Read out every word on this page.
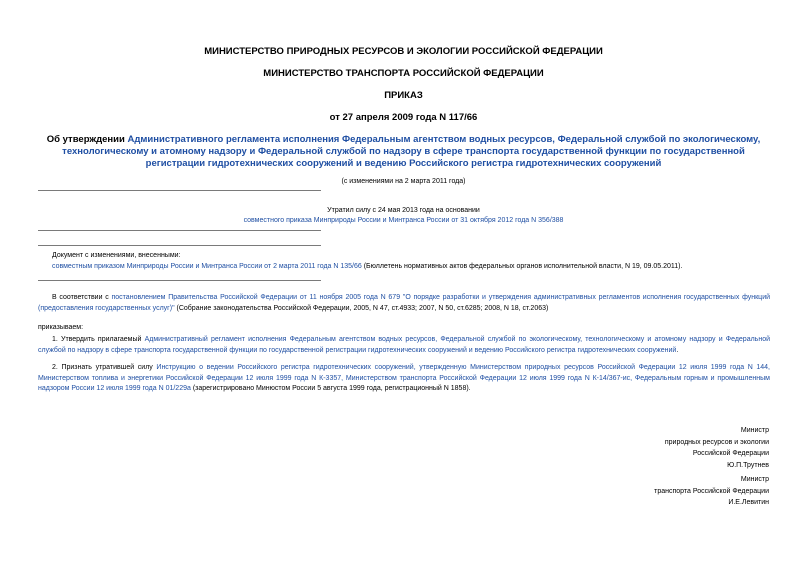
МИНИСТЕРСТВО ПРИРОДНЫХ РЕСУРСОВ И ЭКОЛОГИИ РОССИЙСКОЙ ФЕДЕРАЦИИ
МИНИСТЕРСТВО ТРАНСПОРТА РОССИЙСКОЙ ФЕДЕРАЦИИ
ПРИКАЗ
от 27 апреля 2009 года N 117/66
Об утверждении Административного регламента исполнения Федеральным агентством водных ресурсов, Федеральной службой по экологическому, технологическому и атомному надзору и Федеральной службой по надзору в сфере транспорта государственной функции по государственной регистрации гидротехнических сооружений и ведению Российского регистра гидротехнических сооружений
(с изменениями на 2 марта 2011 года)
Утратил силу с 24 мая 2013 года на основании
совместного приказа Минприроды России и Минтранса России от 31 октября 2012 года N 356/388
Документ с изменениями, внесенными:
совместным приказом Минприроды России и Минтранса России от 2 марта 2011 года N 135/66 (Бюллетень нормативных актов федеральных органов исполнительной власти, N 19, 09.05.2011).
В соответствии с постановлением Правительства Российской Федерации от 11 ноября 2005 года N 679 "О порядке разработки и утверждения административных регламентов исполнения государственных функций (предоставления государственных услуг)" (Собрание законодательства Российской Федерации, 2005, N 47, ст.4933; 2007, N 50, ст.6285; 2008, N 18, ст.2063)
приказываем:
1. Утвердить прилагаемый Административный регламент исполнения Федеральным агентством водных ресурсов, Федеральной службой по экологическому, технологическому и атомному надзору и Федеральной службой по надзору в сфере транспорта государственной функции по государственной регистрации гидротехнических сооружений и ведению Российского регистра гидротехнических сооружений.
2. Признать утратившей силу Инструкцию о ведении Российского регистра гидротехнических сооружений, утвержденную Министерством природных ресурсов Российской Федерации 12 июля 1999 года N 144, Министерством топлива и энергетики Российской Федерации 12 июля 1999 года N К-3357, Министерством транспорта Российской Федерации 12 июля 1999 года N К-14/367-ис, Федеральным горным и промышленным надзором России 12 июля 1999 года N 01/229а (зарегистрировано Минюстом России 5 августа 1999 года, регистрационный N 1858).
Министр
природных ресурсов и экологии
Российской Федерации
Ю.П.Трутнев
Министр
транспорта Российской Федерации
И.Е.Левитин
